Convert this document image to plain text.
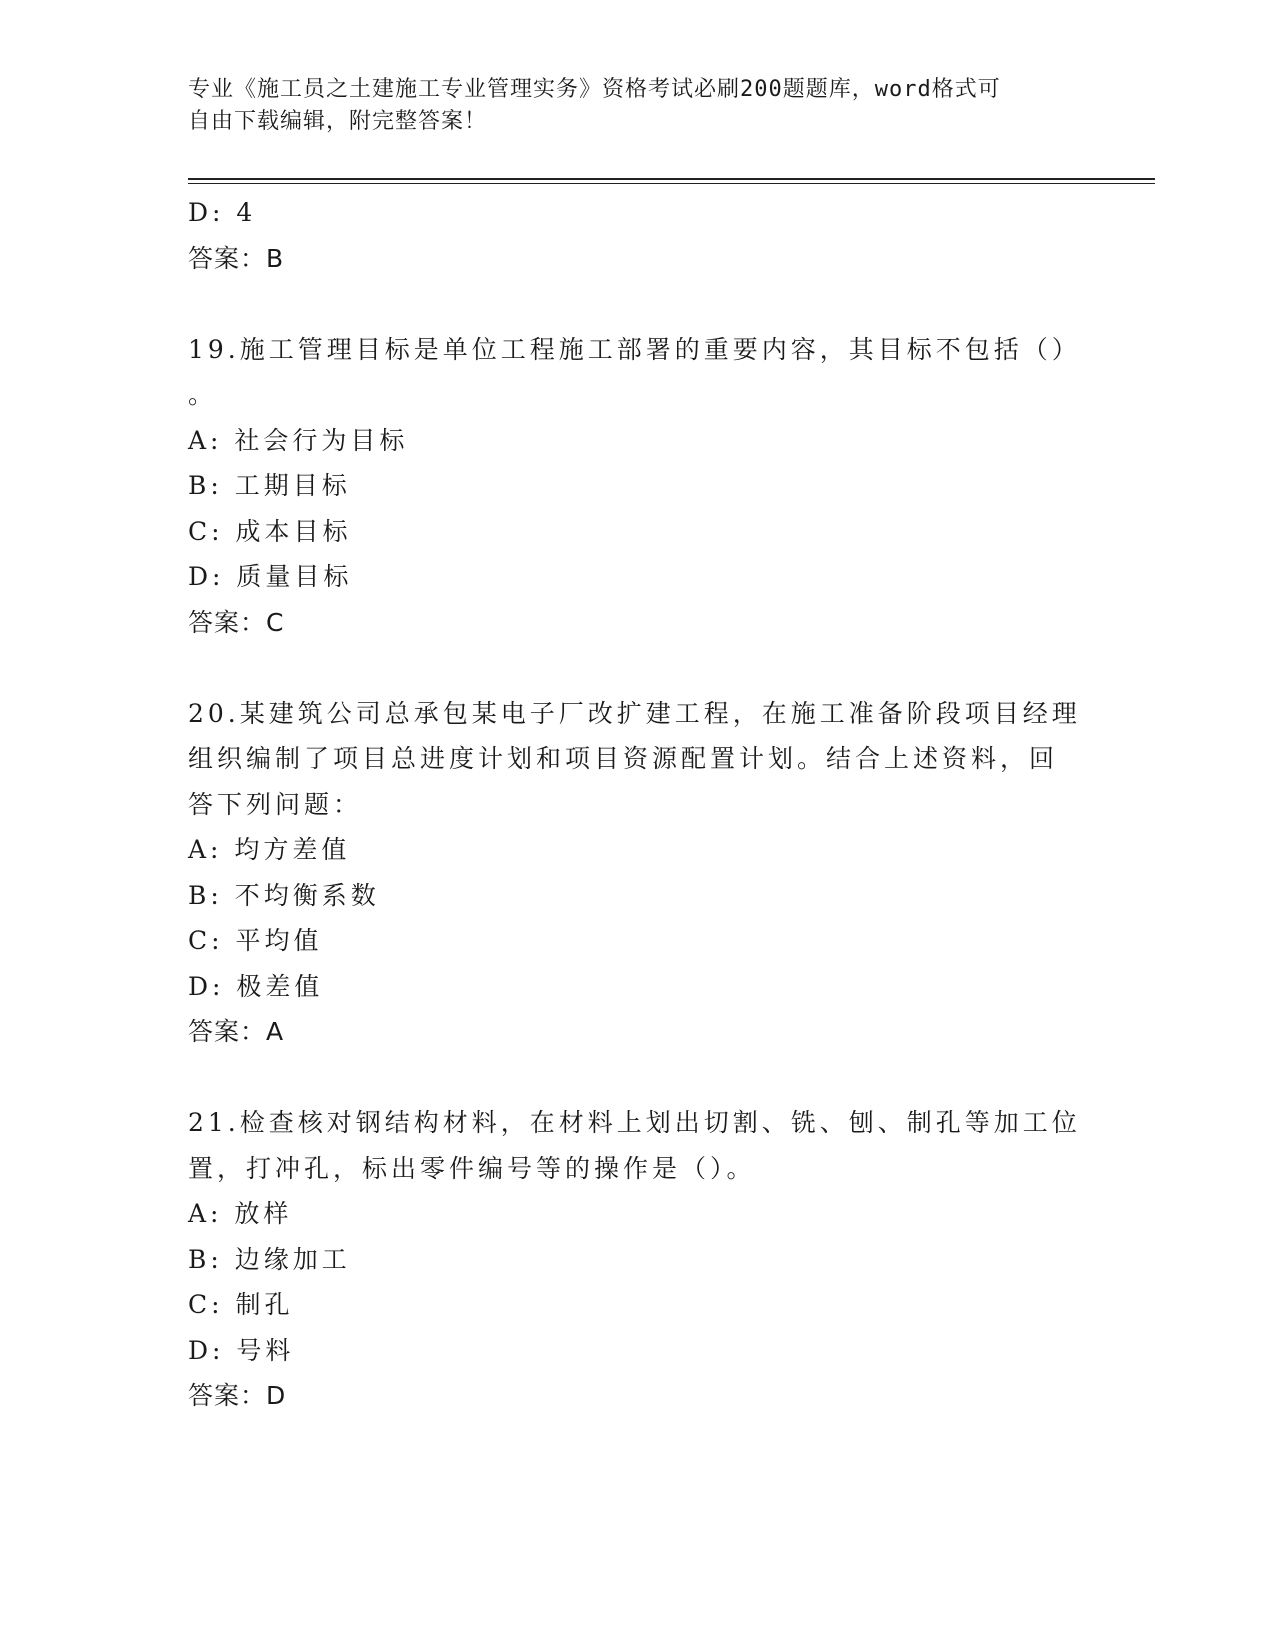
专业《施工员之土建施工专业管理实务》资格考试必刷200题题库，word格式可
自由下载编辑，附完整答案！
D: 4
答案：B
19.施工管理目标是单位工程施工部署的重要内容，其目标不包括（）
。
A: 社会行为目标
B: 工期目标
C: 成本目标
D: 质量目标
答案：C
20.某建筑公司总承包某电子厂改扩建工程，在施工准备阶段项目经理
组织编制了项目总进度计划和项目资源配置计划。结合上述资料，回
答下列问题：
A: 均方差值
B: 不均衡系数
C: 平均值
D: 极差值
答案：A
21.检查核对钢结构材料，在材料上划出切割、铣、刨、制孔等加工位
置，打冲孔，标出零件编号等的操作是（）。
A: 放样
B: 边缘加工
C: 制孔
D: 号料
答案：D
